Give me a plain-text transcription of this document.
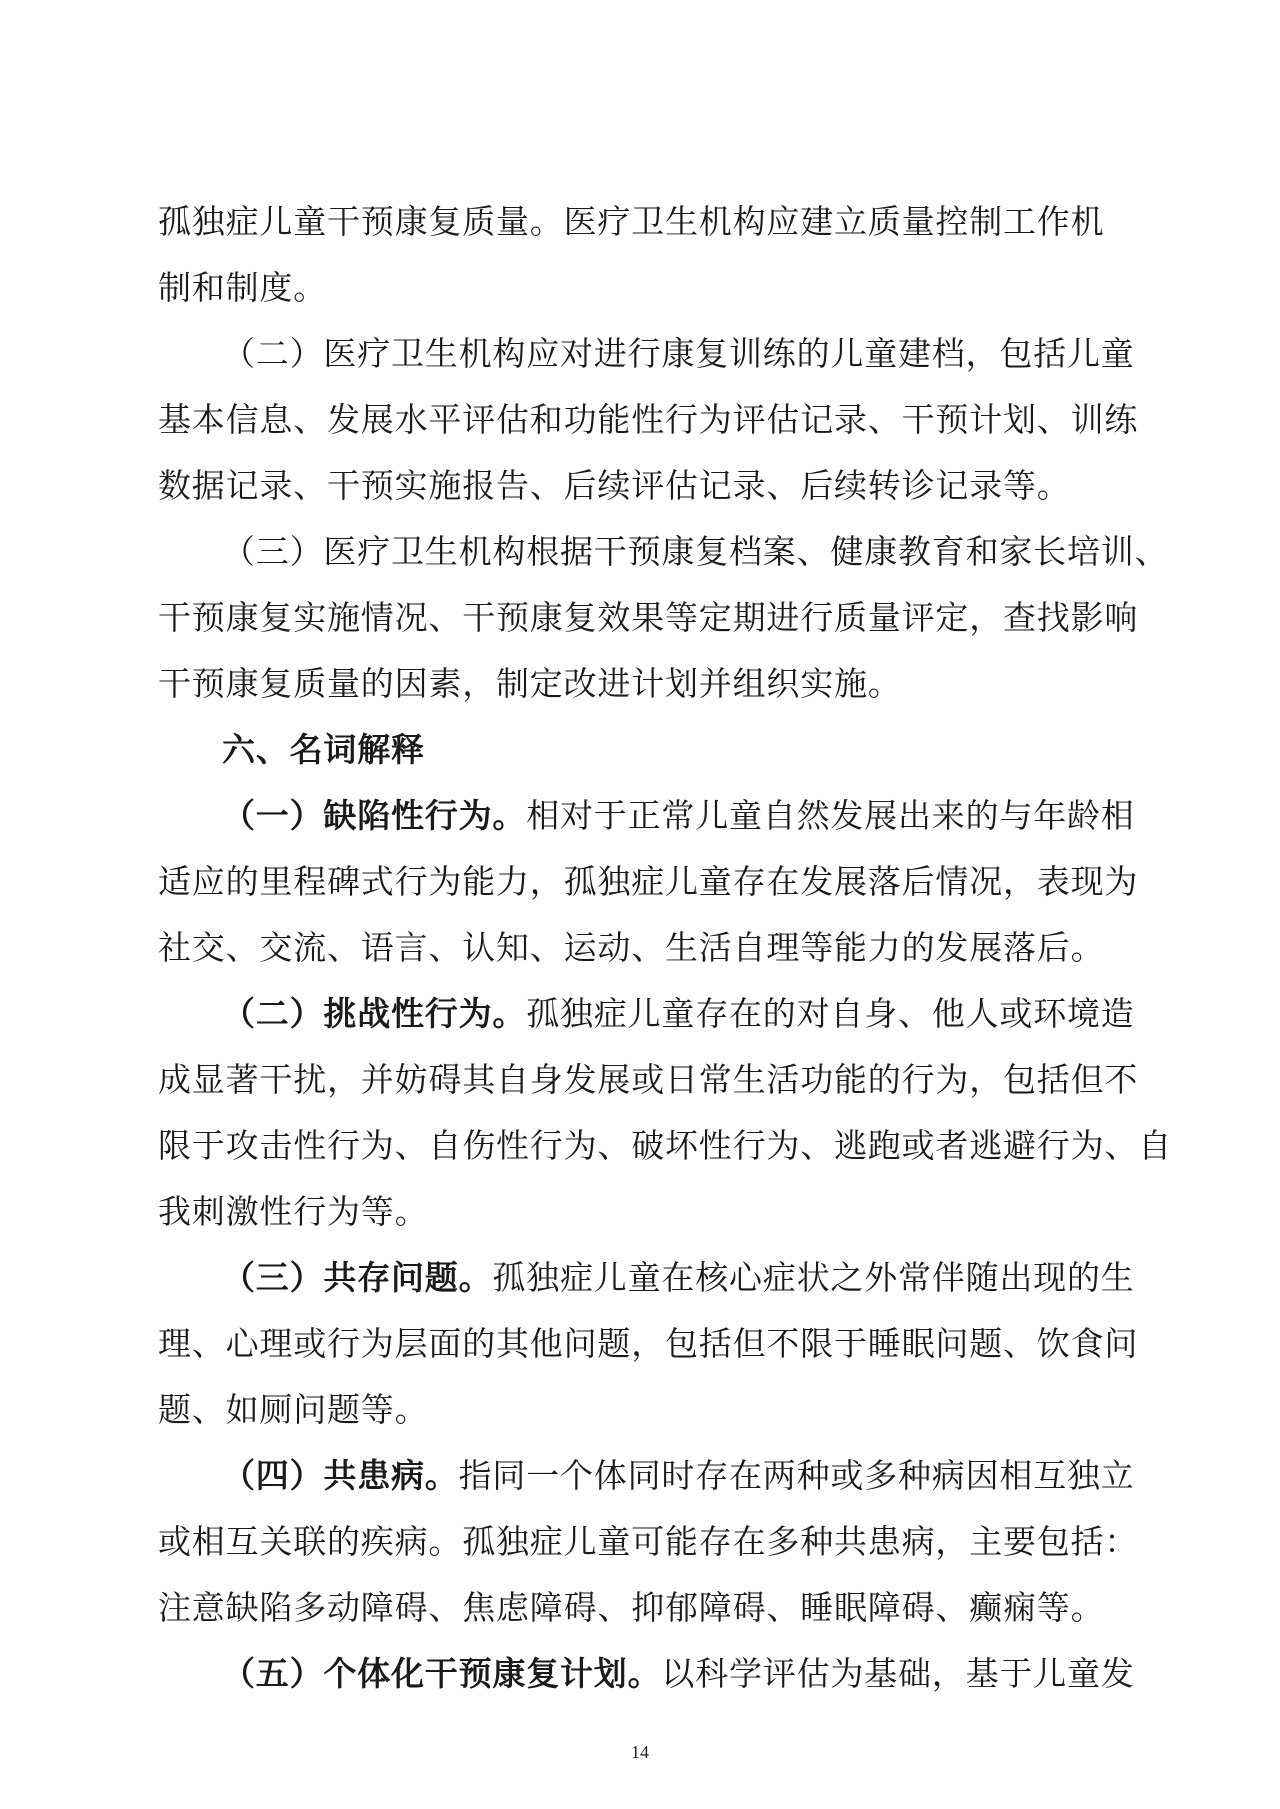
孤独症儿童干预康复质量。医疗卫生机构应建立质量控制工作机
制和制度。
（二）医疗卫生机构应对进行康复训练的儿童建档，包括儿童
基本信息、发展水平评估和功能性行为评估记录、干预计划、训练
数据记录、干预实施报告、后续评估记录、后续转诊记录等。
（三）医疗卫生机构根据干预康复档案、健康教育和家长培训、
干预康复实施情况、干预康复效果等定期进行质量评定，查找影响
干预康复质量的因素，制定改进计划并组织实施。
六、名词解释
（一）缺陷性行为。相对于正常儿童自然发展出来的与年龄相
适应的里程碑式行为能力，孤独症儿童存在发展落后情况，表现为
社交、交流、语言、认知、运动、生活自理等能力的发展落后。
（二）挑战性行为。孤独症儿童存在的对自身、他人或环境造
成显著干扰，并妨碍其自身发展或日常生活功能的行为，包括但不
限于攻击性行为、自伤性行为、破坏性行为、逃跑或者逃避行为、自
我刺激性行为等。
（三）共存问题。孤独症儿童在核心症状之外常伴随出现的生
理、心理或行为层面的其他问题，包括但不限于睡眠问题、饮食问
题、如厕问题等。
（四）共患病。指同一个体同时存在两种或多种病因相互独立
或相互关联的疾病。孤独症儿童可能存在多种共患病，主要包括：
注意缺陷多动障碍、焦虑障碍、抑郁障碍、睡眠障碍、癫痫等。
（五）个体化干预康复计划。以科学评估为基础，基于儿童发
14
